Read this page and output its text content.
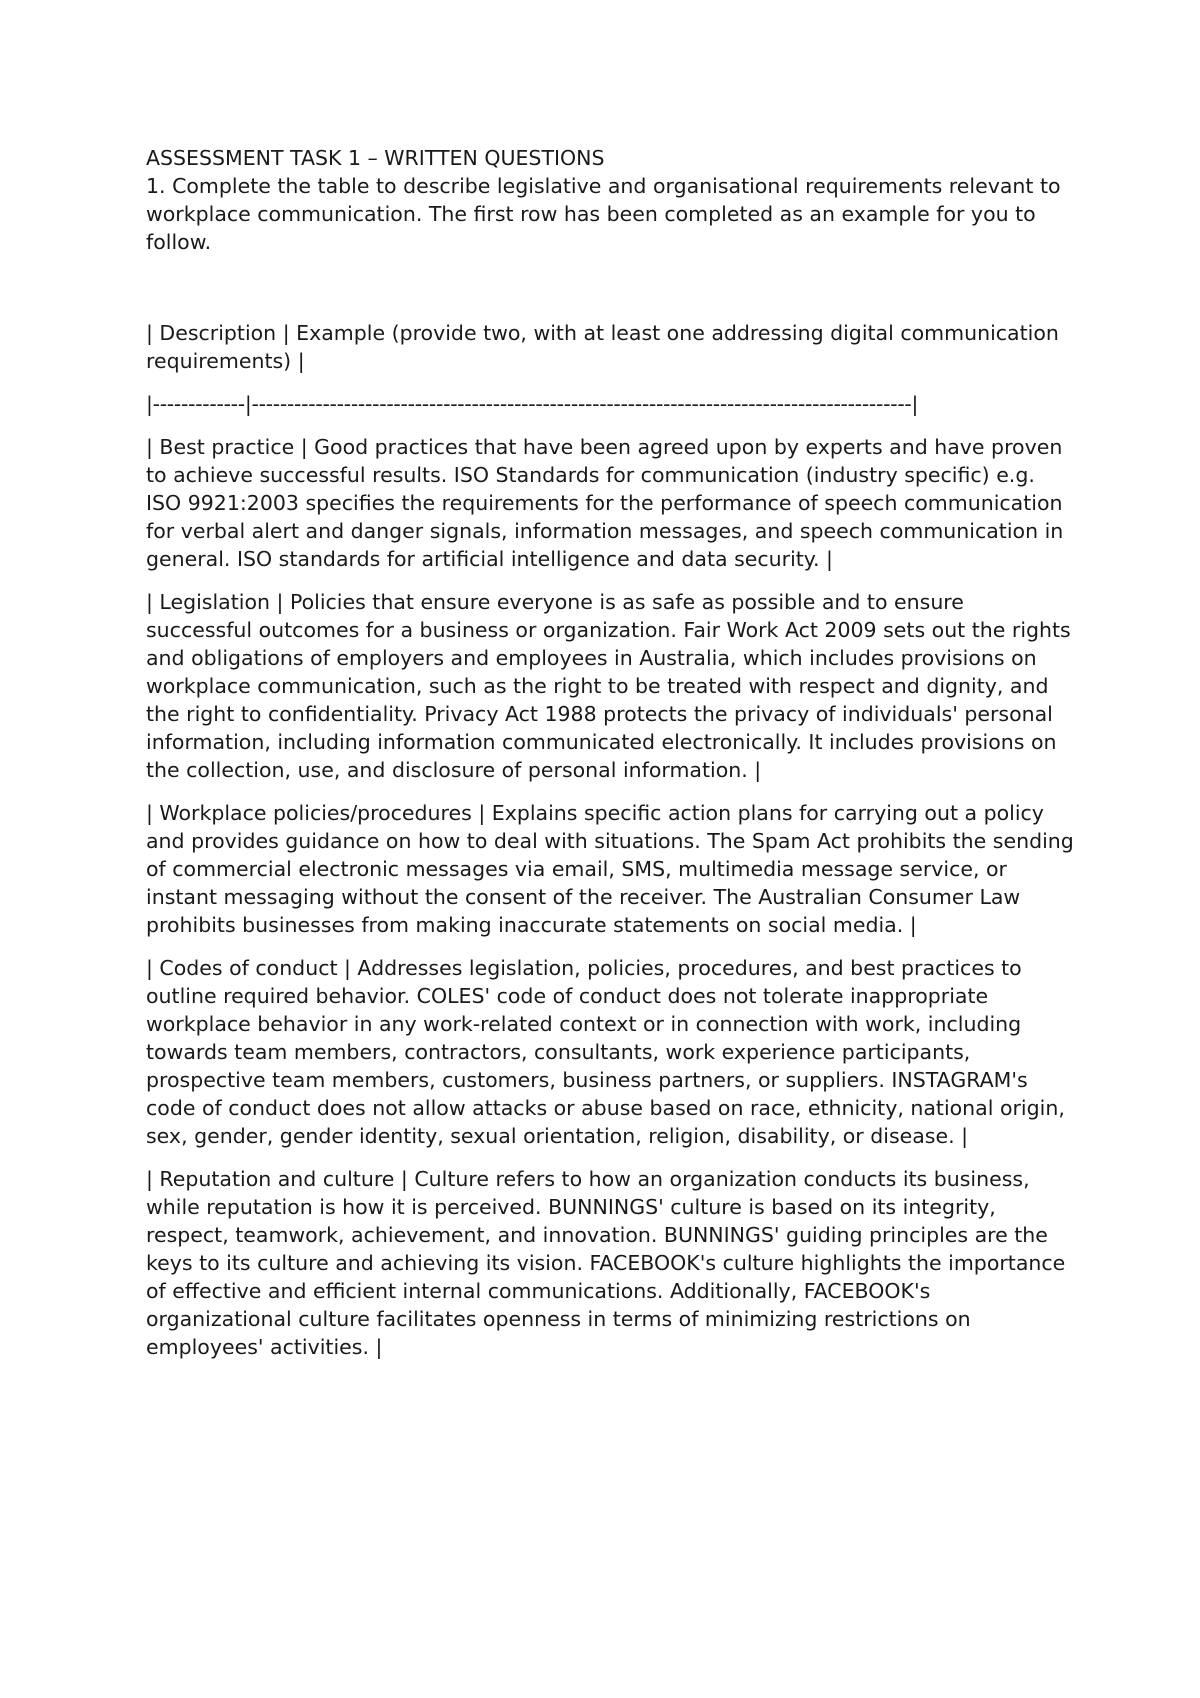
ASSESSMENT TASK 1 – WRITTEN QUESTIONS

1. Complete the table to describe legislative and organisational requirements relevant to workplace communication. The first row has been completed as an example for you to follow.

| Description | Example (provide two, with at least one addressing digital communication requirements) |

|-------------|---------------------------------------------------------------------------------------------|

| Best practice | Good practices that have been agreed upon by experts and have proven to achieve successful results. ISO Standards for communication (industry specific) e.g. ISO 9921:2003 specifies the requirements for the performance of speech communication for verbal alert and danger signals, information messages, and speech communication in general. ISO standards for artificial intelligence and data security. |

| Legislation | Policies that ensure everyone is as safe as possible and to ensure successful outcomes for a business or organization. Fair Work Act 2009 sets out the rights and obligations of employers and employees in Australia, which includes provisions on workplace communication, such as the right to be treated with respect and dignity, and the right to confidentiality. Privacy Act 1988 protects the privacy of individuals' personal information, including information communicated electronically. It includes provisions on the collection, use, and disclosure of personal information. |

| Workplace policies/procedures | Explains specific action plans for carrying out a policy and provides guidance on how to deal with situations. The Spam Act prohibits the sending of commercial electronic messages via email, SMS, multimedia message service, or instant messaging without the consent of the receiver. The Australian Consumer Law prohibits businesses from making inaccurate statements on social media. |

| Codes of conduct | Addresses legislation, policies, procedures, and best practices to outline required behavior. COLES' code of conduct does not tolerate inappropriate workplace behavior in any work-related context or in connection with work, including towards team members, contractors, consultants, work experience participants, prospective team members, customers, business partners, or suppliers. INSTAGRAM's code of conduct does not allow attacks or abuse based on race, ethnicity, national origin, sex, gender, gender identity, sexual orientation, religion, disability, or disease. |

| Reputation and culture | Culture refers to how an organization conducts its business, while reputation is how it is perceived. BUNNINGS' culture is based on its integrity, respect, teamwork, achievement, and innovation. BUNNINGS' guiding principles are the keys to its culture and achieving its vision. FACEBOOK's culture highlights the importance of effective and efficient internal communications. Additionally, FACEBOOK's organizational culture facilitates openness in terms of minimizing restrictions on employees' activities. |
